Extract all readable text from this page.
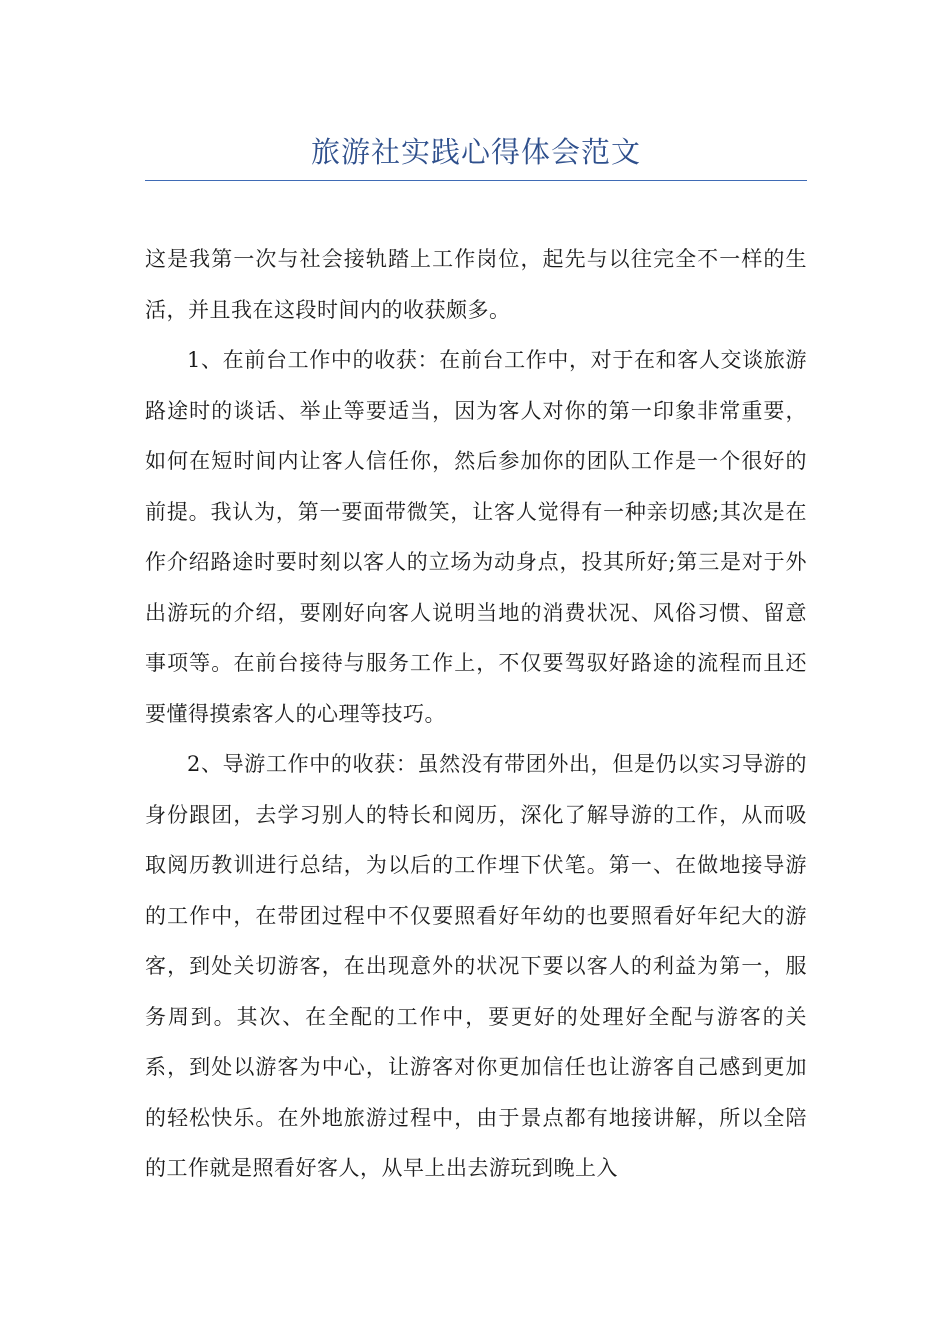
旅游社实践心得体会范文

这是我第一次与社会接轨踏上工作岗位，起先与以往完全不一样的生活，并且我在这段时间内的收获颇多。

1、在前台工作中的收获：在前台工作中，对于在和客人交谈旅游路途时的谈话、举止等要适当，因为客人对你的第一印象非常重要，如何在短时间内让客人信任你，然后参加你的团队工作是一个很好的前提。我认为，第一要面带微笑，让客人觉得有一种亲切感;其次是在作介绍路途时要时刻以客人的立场为动身点，投其所好;第三是对于外出游玩的介绍，要刚好向客人说明当地的消费状况、风俗习惯、留意事项等。在前台接待与服务工作上，不仅要驾驭好路途的流程而且还要懂得摸索客人的心理等技巧。

2、导游工作中的收获：虽然没有带团外出，但是仍以实习导游的身份跟团，去学习别人的特长和阅历，深化了解导游的工作，从而吸取阅历教训进行总结，为以后的工作埋下伏笔。第一、在做地接导游的工作中，在带团过程中不仅要照看好年幼的也要照看好年纪大的游客，到处关切游客，在出现意外的状况下要以客人的利益为第一，服务周到。其次、在全配的工作中，要更好的处理好全配与游客的关系，到处以游客为中心，让游客对你更加信任也让游客自己感到更加的轻松快乐。在外地旅游过程中，由于景点都有地接讲解，所以全陪的工作就是照看好客人，从早上出去游玩到晚上入
